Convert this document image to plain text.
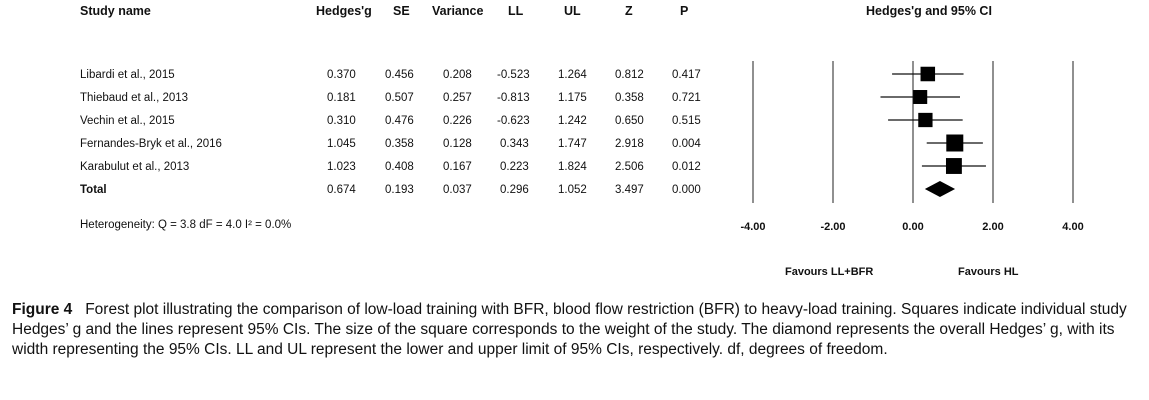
Study name	Hedges'g SE Variance LL	UL	Z	P	Hedges'g and 95% CI
Libardi et al., 2015	0.370	0.456	0.208 -0.523 1.264 0.812 0.417
Thiebaud et al., 2013	0.181	0.507	0.257 -0.813 1.175 0.358 0.721
Vechin et al., 2015	0.310	0.476	0.226 -0.623 1.242 0.650 0.515
Fernandes-Bryk et al., 2016	1.045	0.358	0.128 0.343	1.747 2.918 0.004
Karabulut et al., 2013	1.023	0.408	0.167 0.223	1.824 2.506 0.012
Total	0.674	0.193	0.037 0.296	1.052 3.497 0.000
Heterogeneity: Q = 3.8 dF = 4.0 I² = 0.0%	-4.00	-2.00	0.00	2.00	4.00
Favours LL+BFR	Favours HL
Figure 4 Forest plot illustrating the comparison of low-load training with BFR, blood flow restriction (BFR) to heavy-load training. Squares indicate individual study Hedges’ g and the lines represent 95% CIs. The size of the square corresponds to the weight of the study. The diamond represents the overall Hedges’ g, with its width representing the 95% CIs. LL and UL represent the lower and upper limit of 95% CIs, respectively. df, degrees of freedom.
